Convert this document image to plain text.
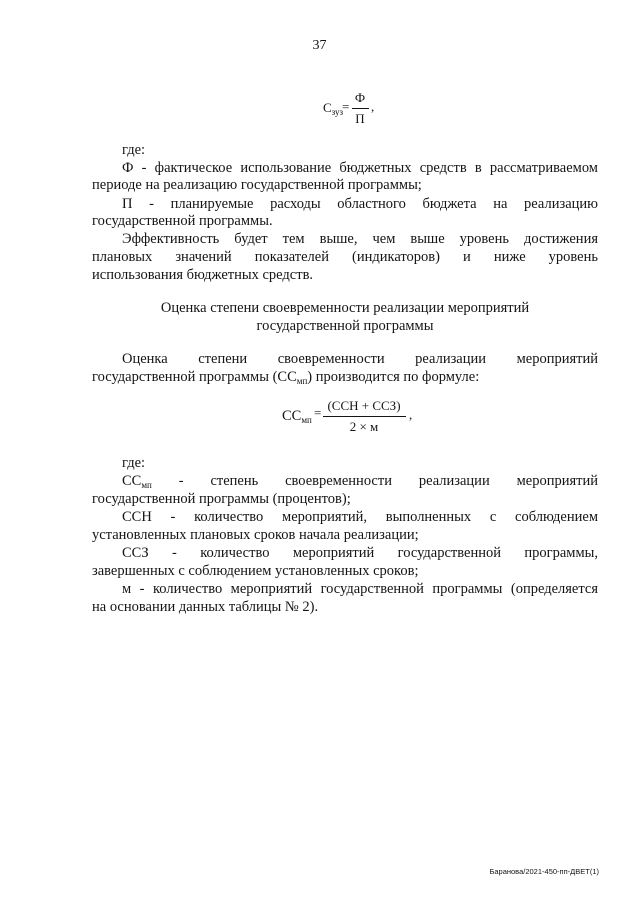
37
$С_{зуз}$
=
Ф
П
,
где:
Ф - фактическое использование бюджетных средств в рассматриваемом
периоде на реализацию государственной программы;
П - планируемые расходы областного бюджета на реализацию
государственной программы.
Эффективность будет тем выше, чем выше уровень достижения
плановых значений показателей (индикаторов) и ниже уровень
использования бюджетных средств.
Оценка степени своевременности реализации мероприятий
государственной программы
Оценка степени своевременности реализации мероприятий
государственной программы $(СС_{мп})$ производится по формуле:
$СС_{мп} = (ССН + ССЗ)$
2 × м
,
где:
$СС_{мп}$ - степень своевременности реализации мероприятий
государственной программы (процентов);
ССН - количество мероприятий, выполненных с соблюдением
установленных плановых сроков начала реализации;
ССЗ - количество мероприятий государственной программы,
завершенных с соблюдением установленных сроков;
м - количество мероприятий государственной программы (определяется
на основании данных таблицы № 2).
Баранова/2021-450-пп-ДВЕТ(1)
